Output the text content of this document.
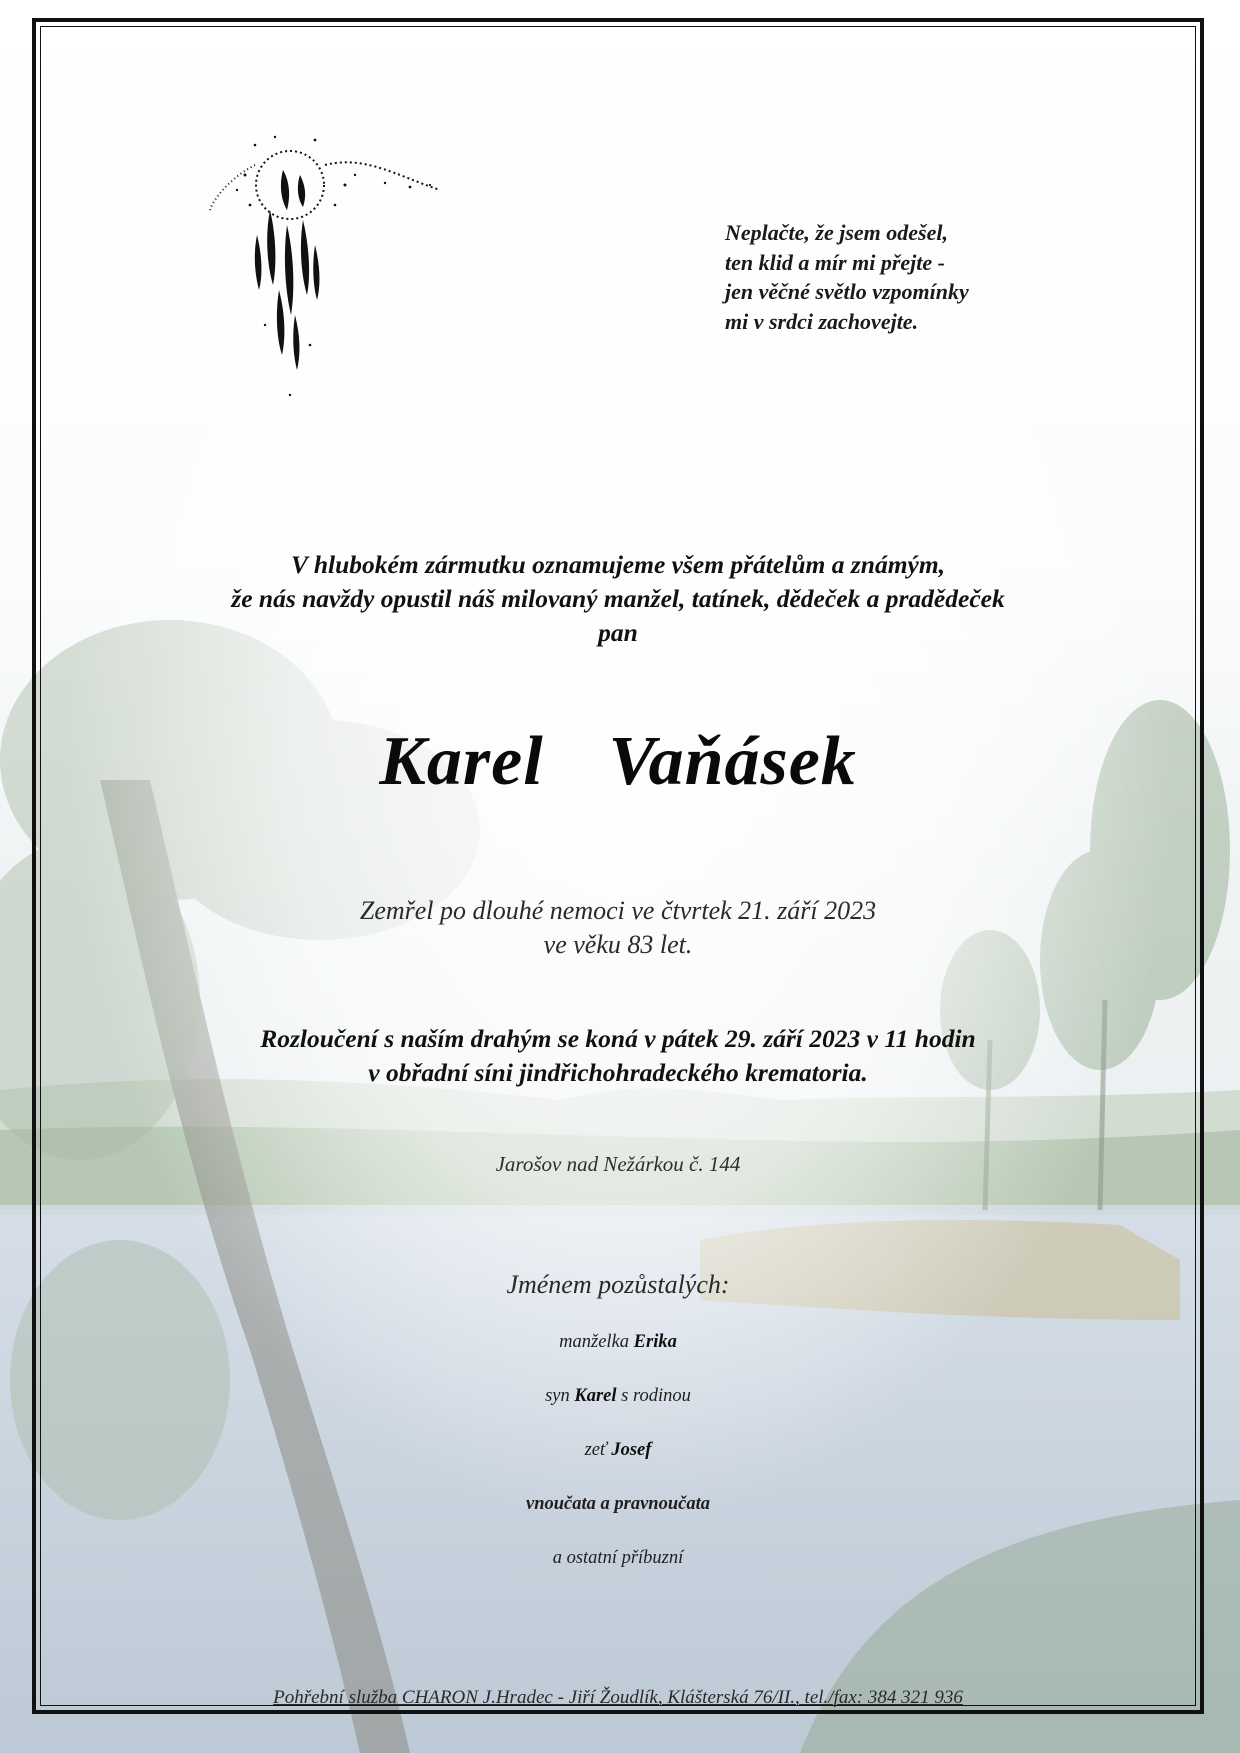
Neplačte, že jsem odešel,
ten klid a mír mi přejte -
jen věčné světlo vzpomínky
mi v srdci zachovejte.
V hlubokém zármutku oznamujeme všem přátelům a známým,
že nás navždy opustil náš milovaný manžel, tatínek, dědeček a pradědeček
pan
Karel  Vaňásek
Zemřel po dlouhé nemoci ve čtvrtek 21. září 2023
ve věku 83 let.
Rozloučení s naším drahým se koná v pátek 29. září 2023 v 11 hodin
v obřadní síni jindřichohradeckého krematoria.
Jarošov nad Nežárkou č. 144
Jménem pozůstalých:
manželka Erika
syn Karel s rodinou
zeť Josef
vnoučata a pravnoučata
a ostatní příbuzní
Pohřební služba CHARON J.Hradec - Jiří Žoudlík, Klášterská 76/II., tel./fax: 384 321 936
